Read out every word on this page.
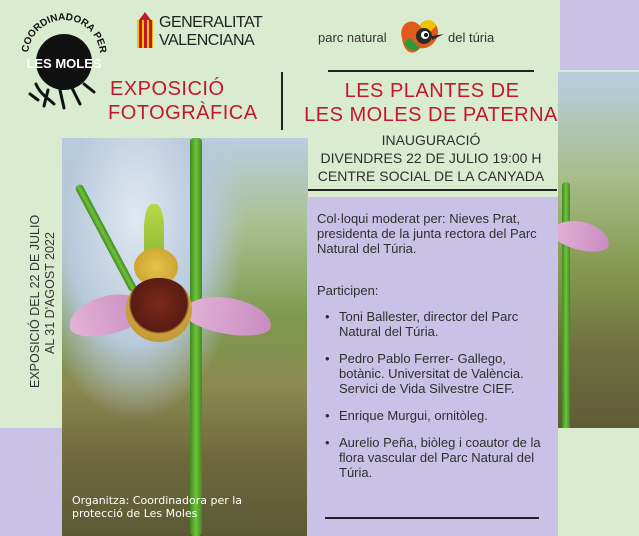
COORDINADORA PER
LES MOLES
GENERALITAT
VALENCIANA	parc natural	del túria
EXPOSICIÓ
FOTOGRÀFICA
LES PLANTES DE
LES MOLES DE PATERNA
INAUGURACIÓ
DIVENDRES 22 DE JULIO 19:00 H
CENTRE SOCIAL DE LA CANYADA
EXPOSICIÓ DEL 22 DE JULIO AL 31 D'AGOST 2022
Organitza: Coordinadora per la
protecció de Les Moles

Col·loqui moderat per: Nieves Prat, presidenta de la junta rectora del Parc Natural del Túria.

Participen:

• Toni Ballester, director del Parc Natural del Túria.
• Pedro Pablo Ferrer- Gallego, botànic. Universitat de València. Servici de Vida Silvestre CIEF.
• Enrique Murgui, ornitòleg.
• Aurelio Peña, biòleg i coautor de la flora vascular del Parc Natural del Túria.
